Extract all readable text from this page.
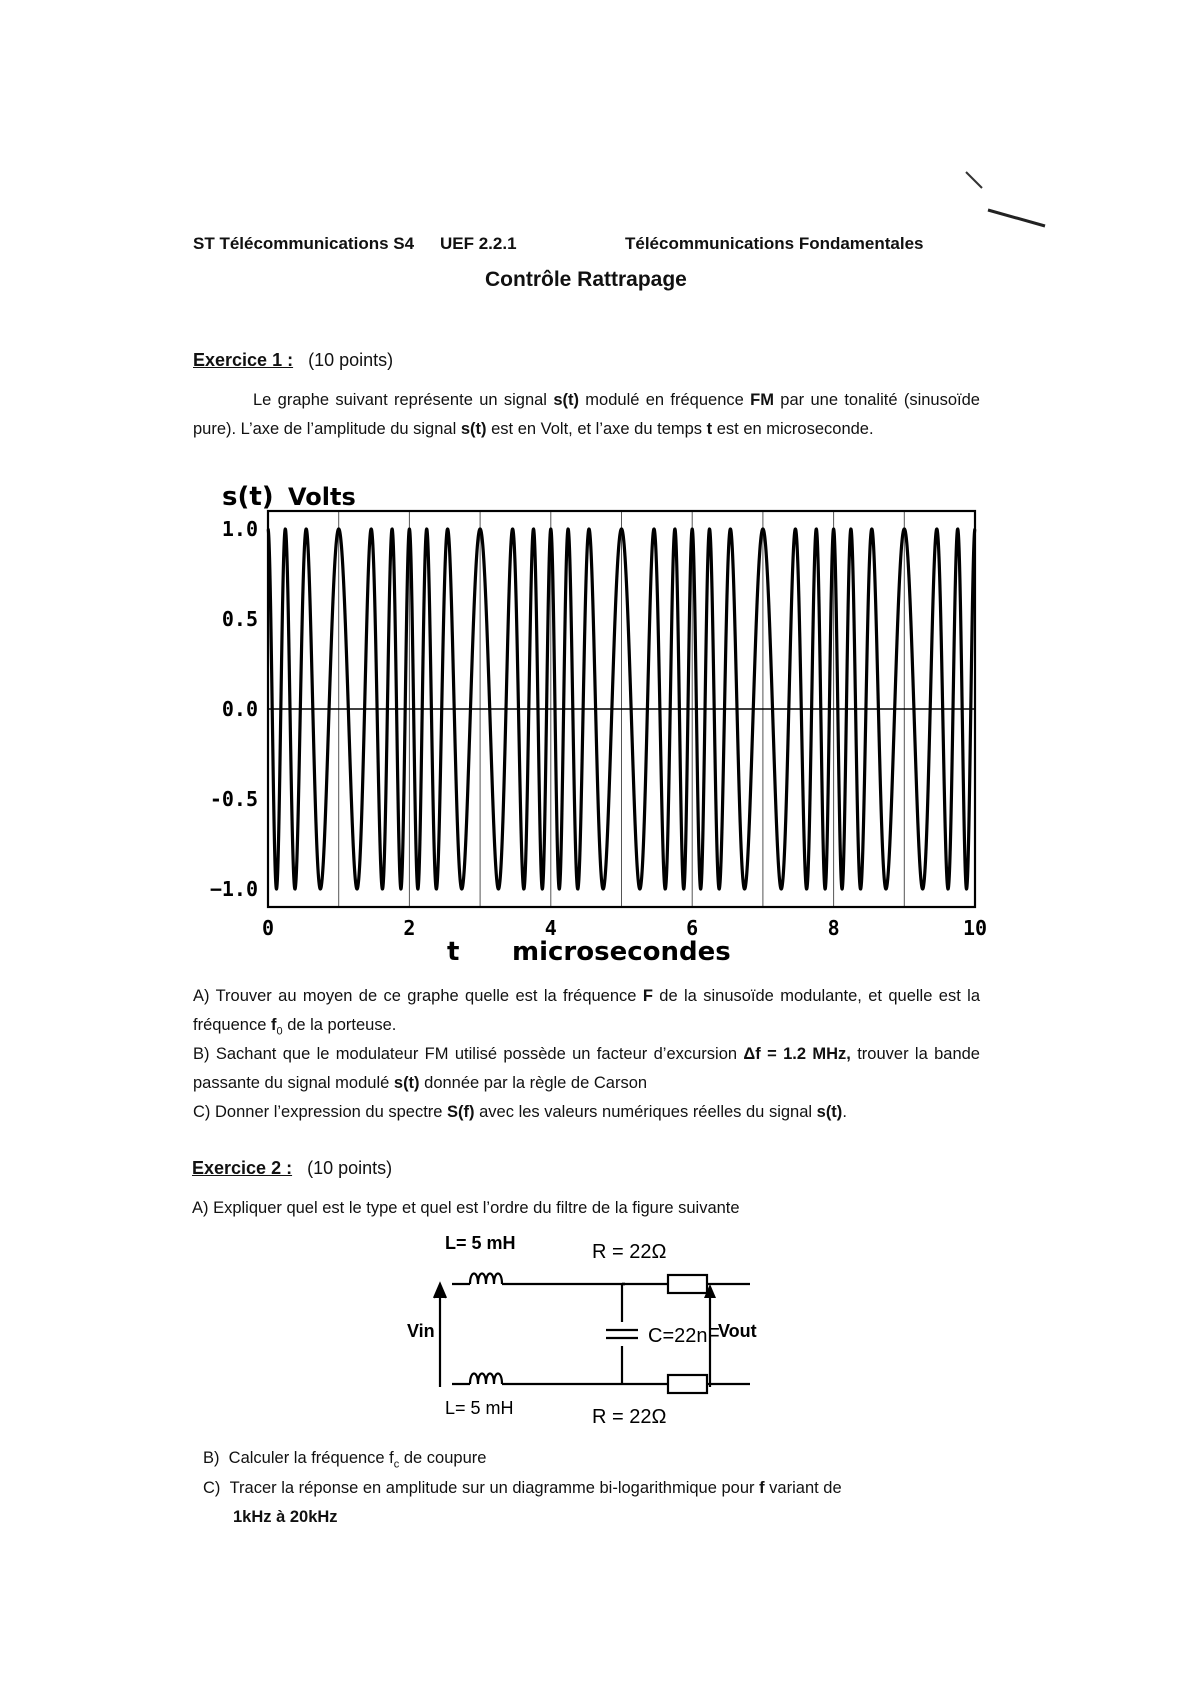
ST Télécommunications S4 UEF 2.2.1	Télécommunications Fondamentales
Contrôle Rattrapage
Exercice 1 : (10 points)
Le graphe suivant représente un signal s(t) modulé en fréquence FM par une tonalité (sinusoïde pure). L’axe de l’amplitude du signal s(t) est en Volt, et l’axe du temps t est en microseconde.
s(t) Volts
1.0
0.5
0.0
-0.5
−1.0
0	2	4	6	8	10
t microsecondes
A) Trouver au moyen de ce graphe quelle est la fréquence F de la sinusoïde modulante, et quelle est la fréquence $f_0$ de la porteuse.
B) Sachant que le modulateur FM utilisé possède un facteur d’excursion Δf = 1.2 MHz, trouver la bande passante du signal modulé s(t) donnée par la règle de Carson
C) Donner l’expression du spectre S(f) avec les valeurs numériques réelles du signal s(t).
Exercice 2 : (10 points)
A) Expliquer quel est le type et quel est l’ordre du filtre de la figure suivante
L= 5 mH
L= 5 mH
R = 22Ω
R = 22Ω
C=22nF
Vin	Vout
B) Calculer la fréquence $f_c$ de coupure
C) Tracer la réponse en amplitude sur un diagramme bi-logarithmique pour f variant de
1kHz à 20kHz
